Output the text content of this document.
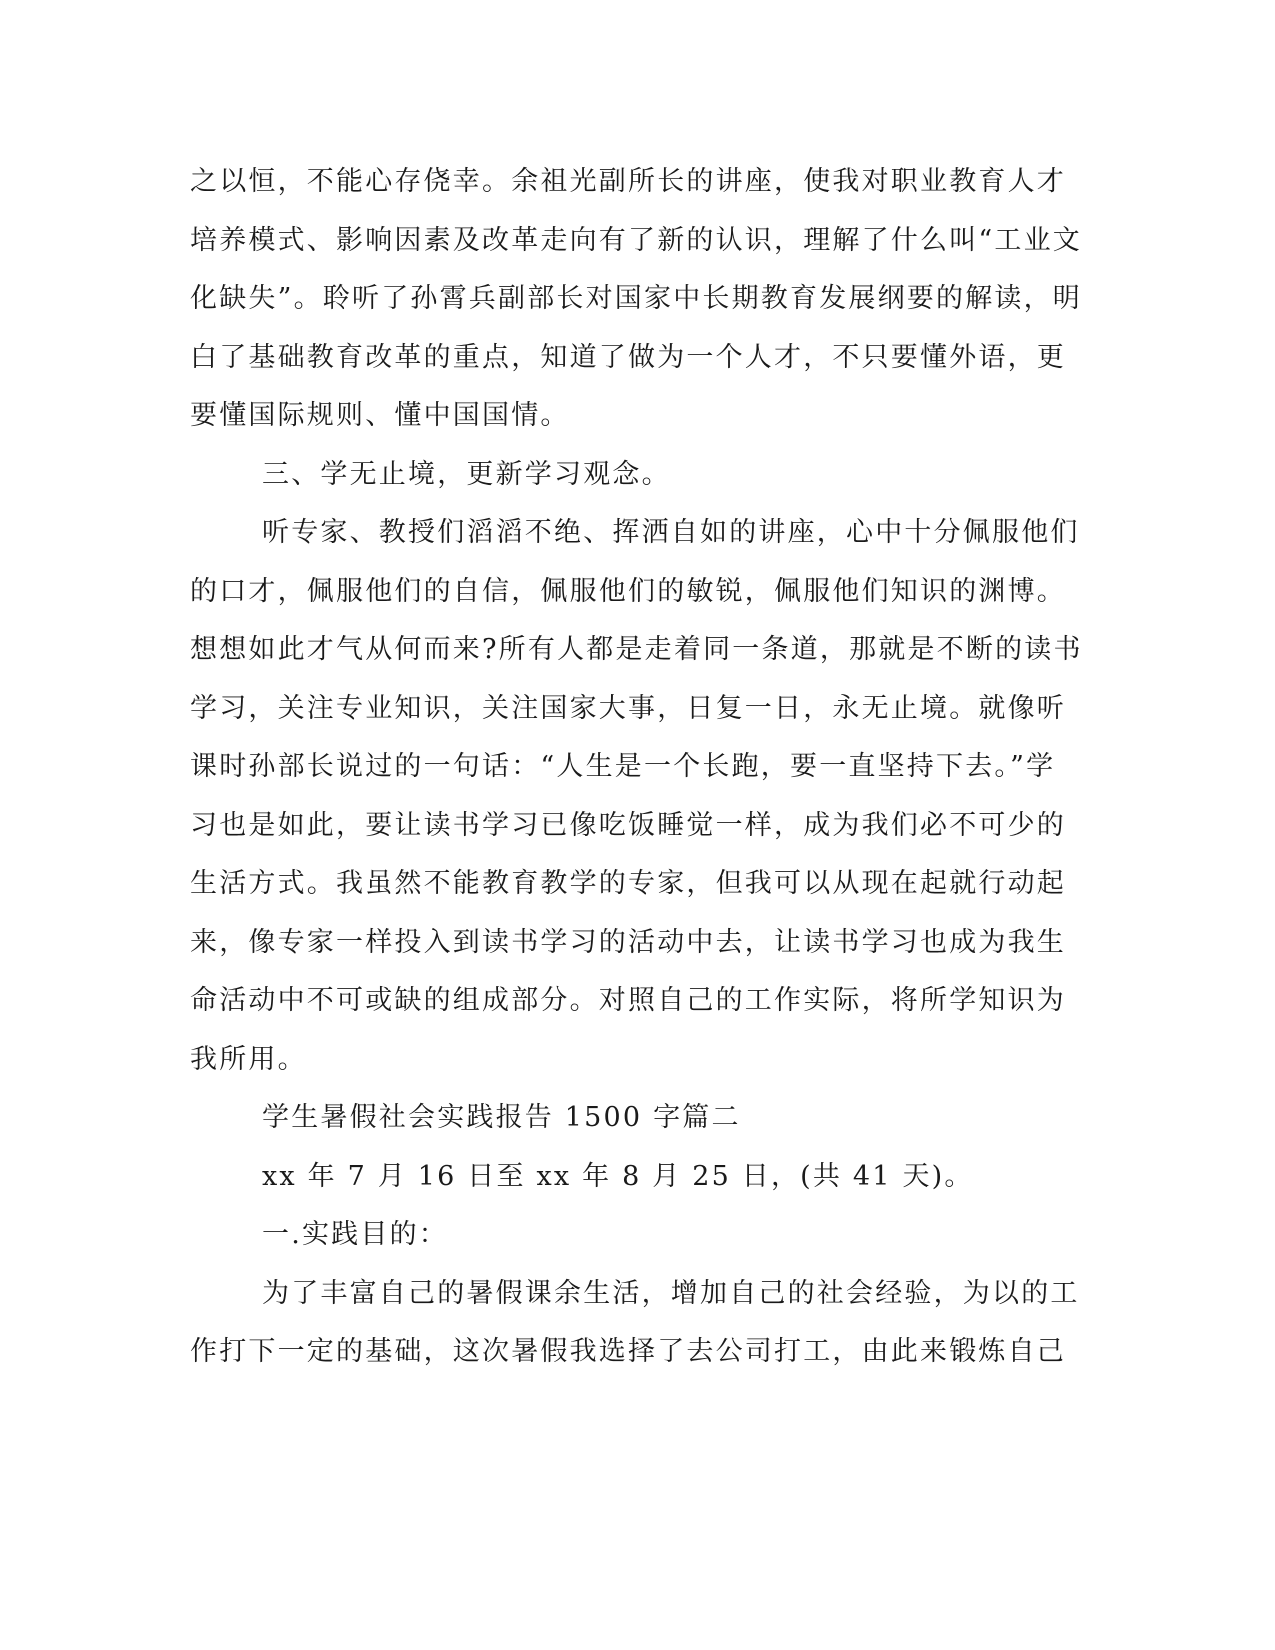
之以恒，不能心存侥幸。余祖光副所长的讲座，使我对职业教育人才
培养模式、影响因素及改革走向有了新的认识，理解了什么叫“工业文
化缺失”。聆听了孙霄兵副部长对国家中长期教育发展纲要的解读，明
白了基础教育改革的重点，知道了做为一个人才，不只要懂外语，更
要懂国际规则、懂中国国情。
三、学无止境，更新学习观念。
听专家、教授们滔滔不绝、挥洒自如的讲座，心中十分佩服他们
的口才，佩服他们的自信，佩服他们的敏锐，佩服他们知识的渊博。
想想如此才气从何而来?所有人都是走着同一条道，那就是不断的读书
学习，关注专业知识，关注国家大事，日复一日，永无止境。就像听
课时孙部长说过的一句话：“人生是一个长跑，要一直坚持下去。”学
习也是如此，要让读书学习已像吃饭睡觉一样，成为我们必不可少的
生活方式。我虽然不能教育教学的专家，但我可以从现在起就行动起
来，像专家一样投入到读书学习的活动中去，让读书学习也成为我生
命活动中不可或缺的组成部分。对照自己的工作实际，将所学知识为
我所用。
学生暑假社会实践报告 1500 字篇二
xx 年 7 月 16 日至 xx 年 8 月 25 日，(共 41 天)。
一.实践目的：
为了丰富自己的暑假课余生活，增加自己的社会经验，为以的工
作打下一定的基础，这次暑假我选择了去公司打工，由此来锻炼自己
